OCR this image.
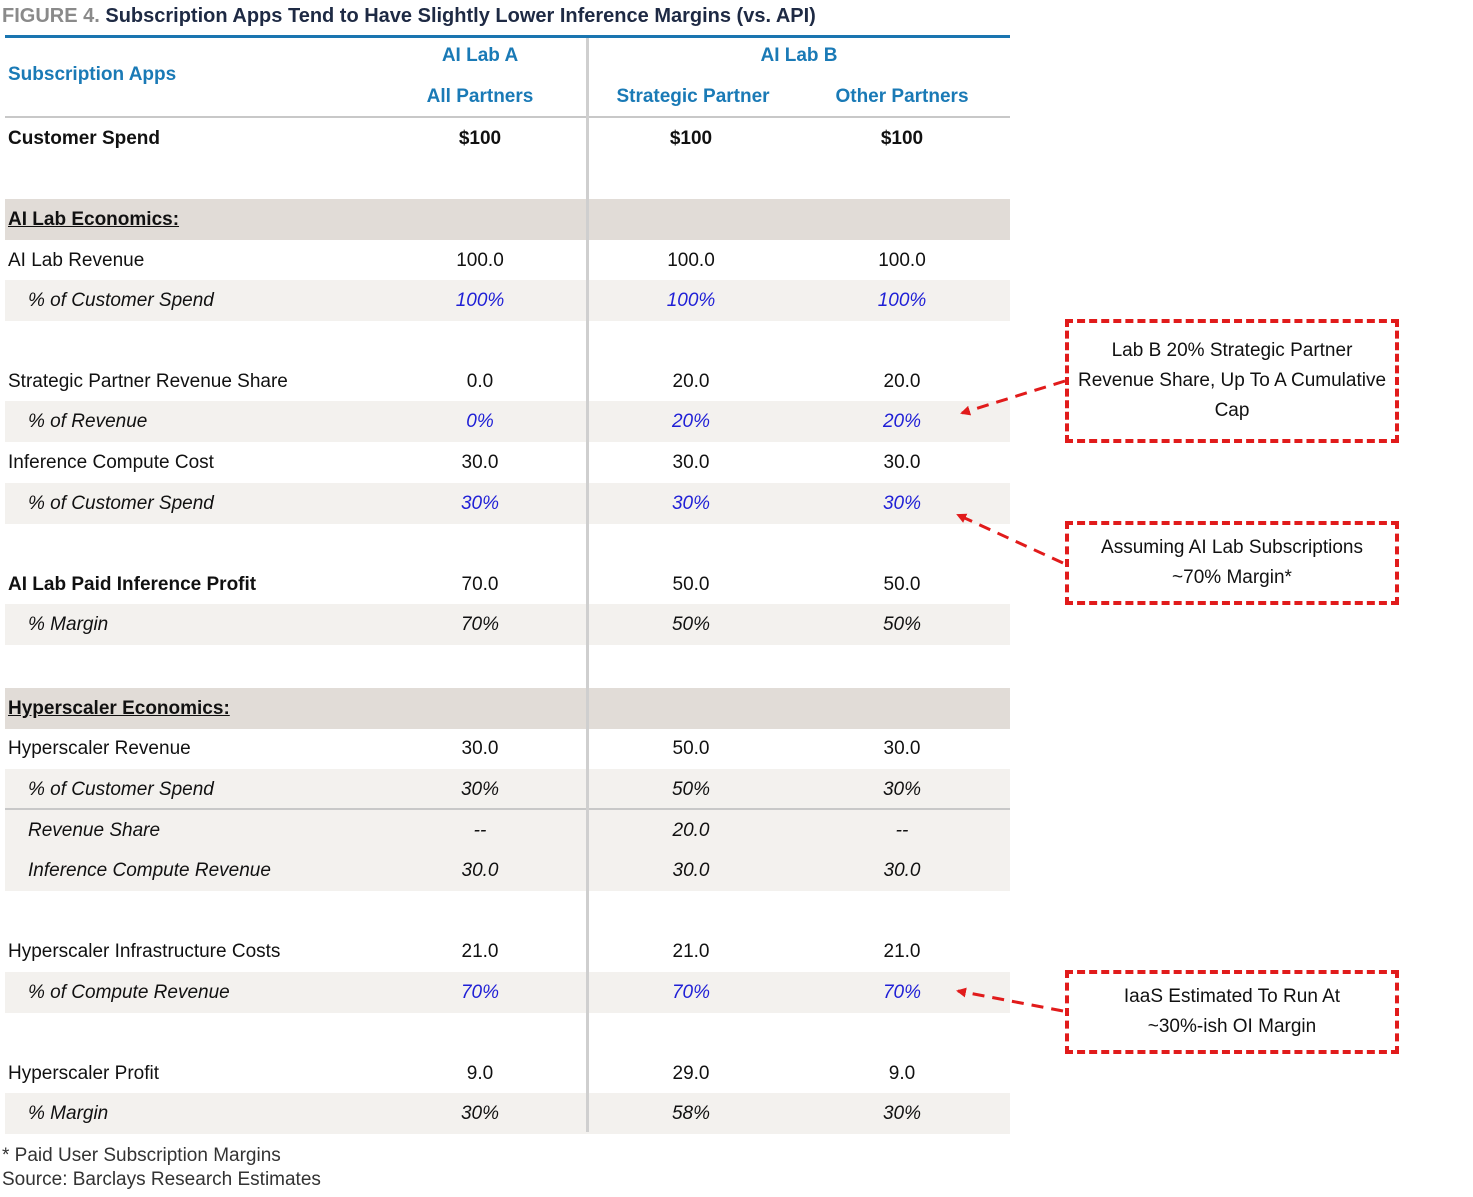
FIGURE 4. Subscription Apps Tend to Have Slightly Lower Inference Margins (vs. API)
Subscription Apps
AI Lab A	AI Lab B
All Partners	Strategic Partner	Other Partners
Customer Spend	$100	$100	$100
AI Lab Economics:
AI Lab Revenue	100.0	100.0	100.0
% of Customer Spend	100%	100%	100%
Strategic Partner Revenue Share	0.0	20.0	20.0
% of Revenue	0%	20%	20%
Inference Compute Cost	30.0	30.0	30.0
% of Customer Spend	30%	30%	30%
AI Lab Paid Inference Profit	70.0	50.0	50.0
% Margin	70%	50%	50%
Hyperscaler Economics:
Hyperscaler Revenue	30.0	50.0	30.0
% of Customer Spend	30%	50%	30%
Revenue Share	--	20.0	--
Inference Compute Revenue	30.0	30.0	30.0
Hyperscaler Infrastructure Costs	21.0	21.0	21.0
% of Compute Revenue	70%	70%	70%
Hyperscaler Profit	9.0	29.0	9.0
% Margin	30%	58%	30%
Lab B 20% Strategic Partner
Revenue Share, Up To A Cumulative
Cap
Assuming AI Lab Subscriptions
~70% Margin*
IaaS Estimated To Run At
~30%-ish OI Margin
* Paid User Subscription Margins
Source: Barclays Research Estimates
